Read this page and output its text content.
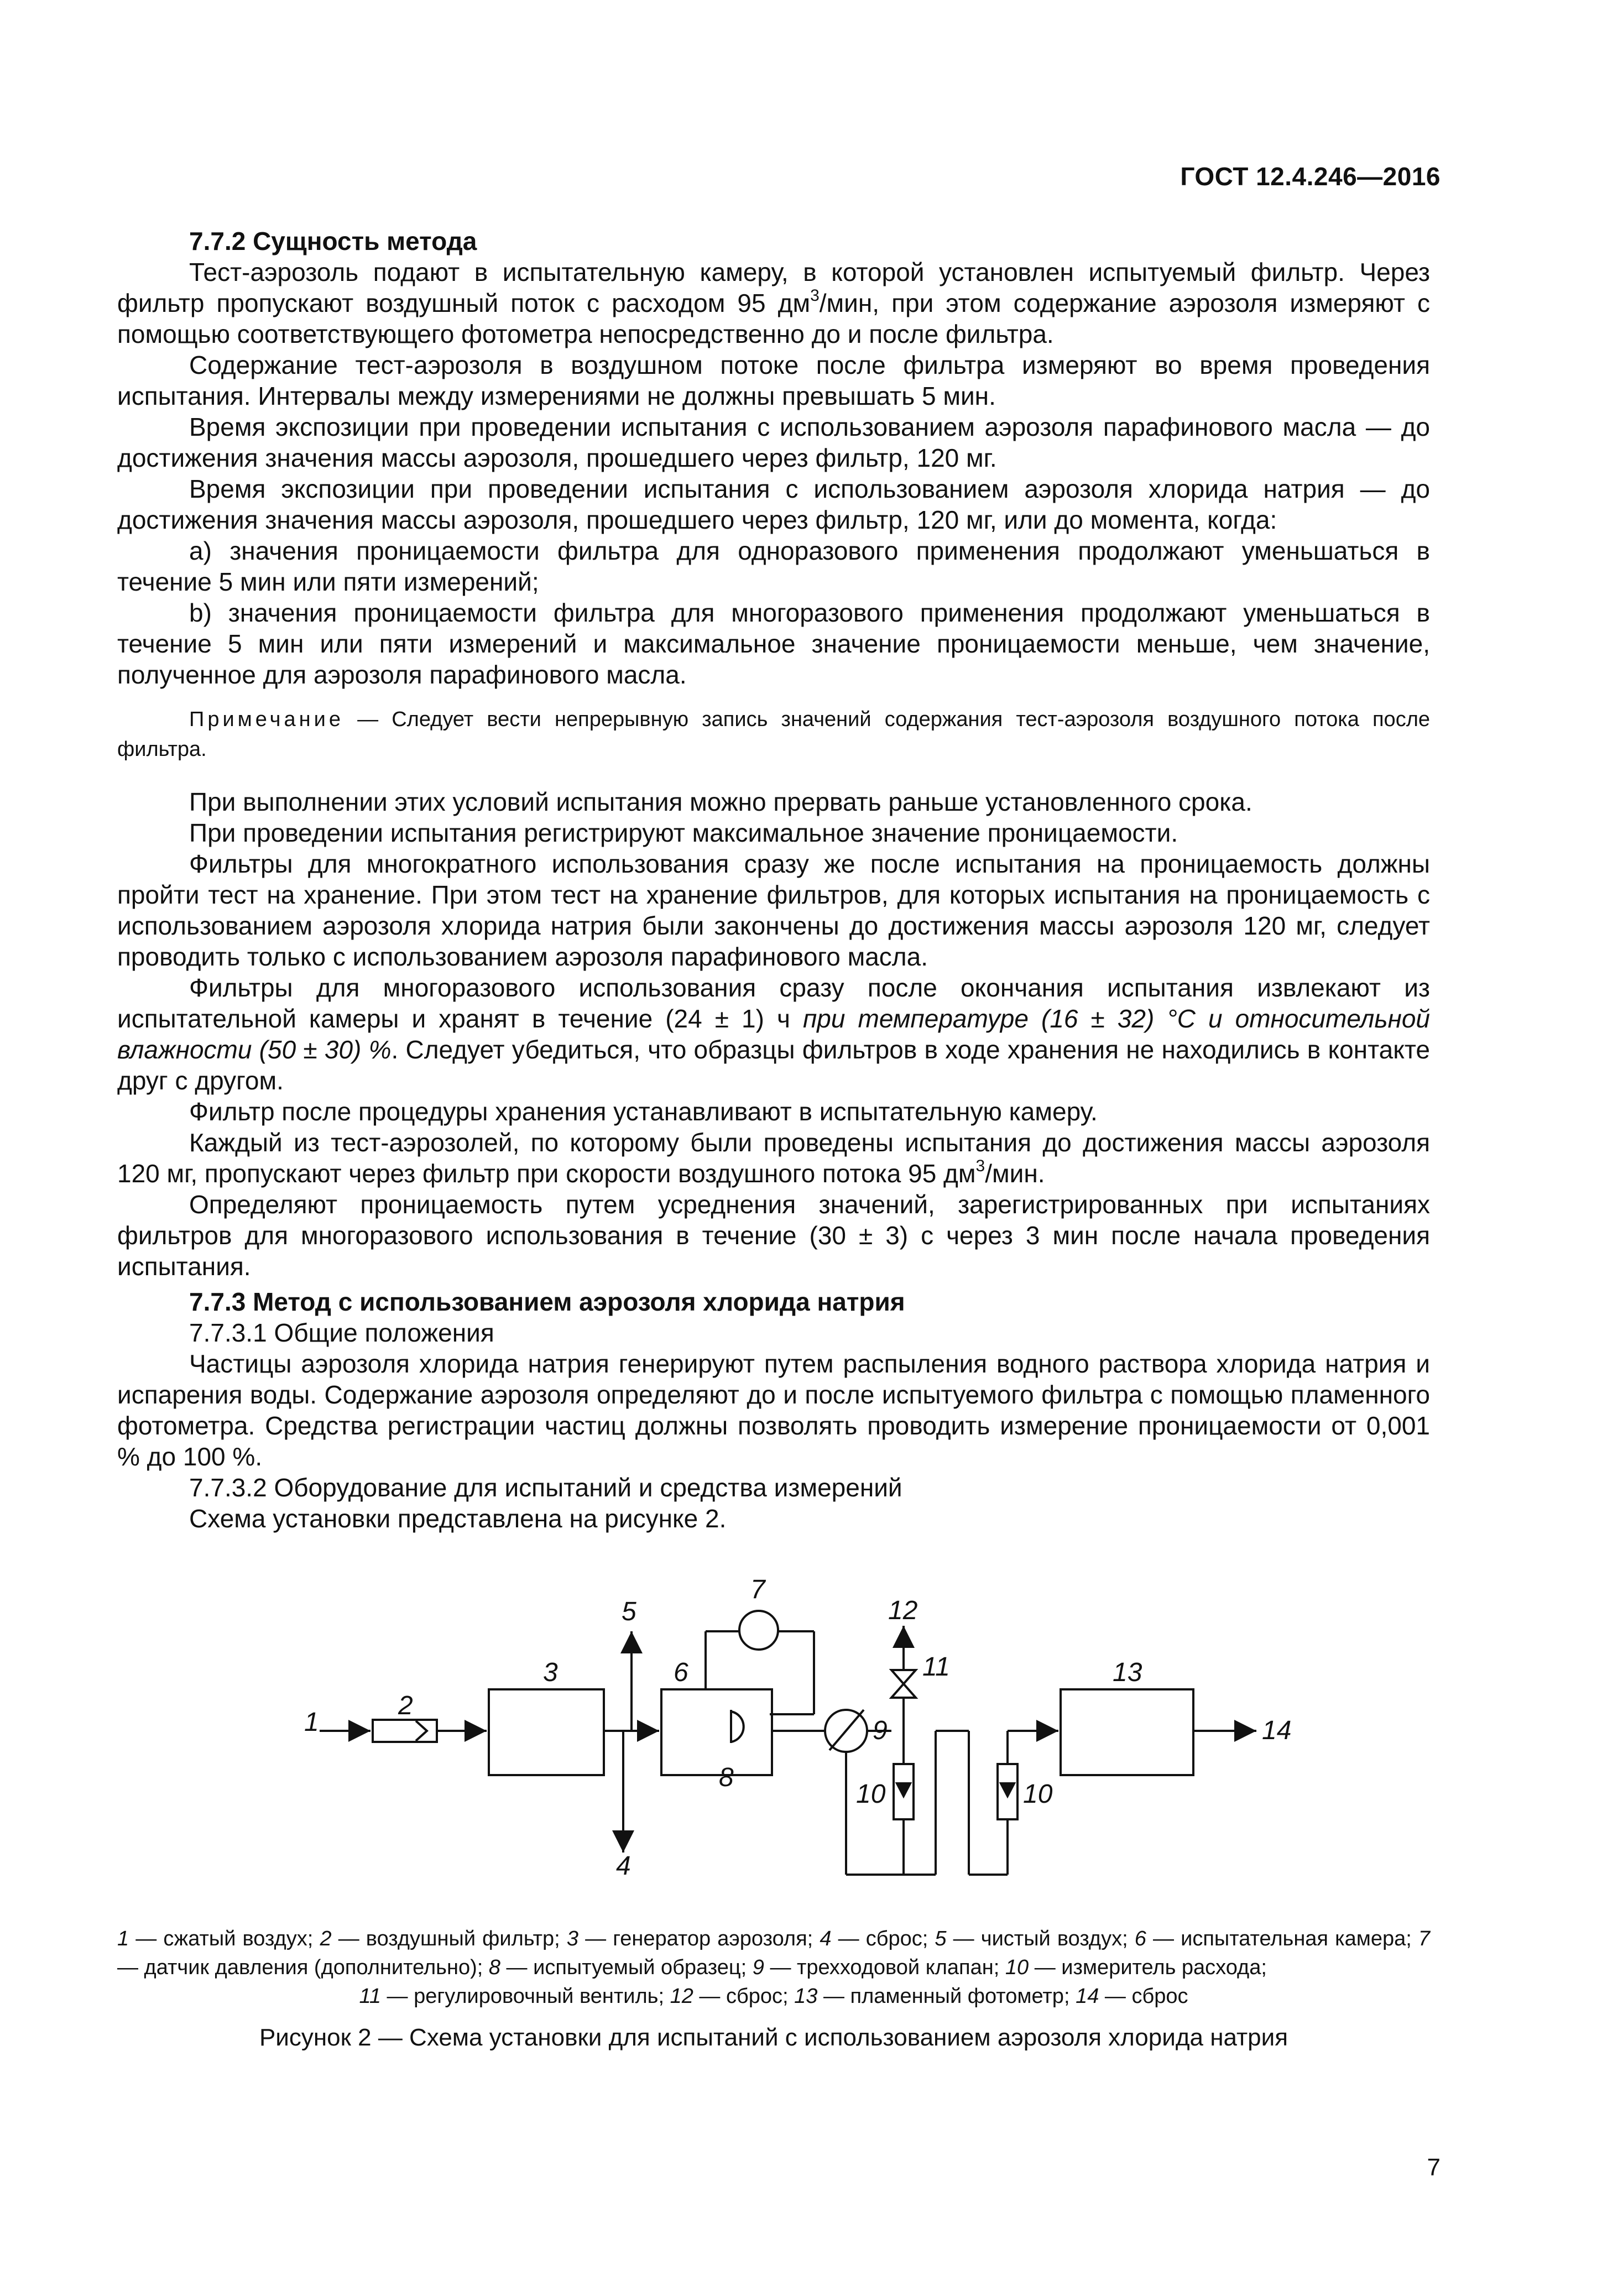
ГОСТ 12.4.246—2016

7.7.2 Сущность метода

Тест-аэрозоль подают в испытательную камеру, в которой установлен испытуемый фильтр. Через фильтр пропускают воздушный поток с расходом 95 $дм^3$/мин, при этом содержание аэрозоля измеряют с помощью соответствующего фотометра непосредственно до и после фильтра.

Содержание тест-аэрозоля в воздушном потоке после фильтра измеряют во время проведения испытания. Интервалы между измерениями не должны превышать 5 мин.

Время экспозиции при проведении испытания с использованием аэрозоля парафинового масла — до достижения значения массы аэрозоля, прошедшего через фильтр, 120 мг.

Время экспозиции при проведении испытания с использованием аэрозоля хлорида натрия — до достижения значения массы аэрозоля, прошедшего через фильтр, 120 мг, или до момента, когда:

a) значения проницаемости фильтра для одноразового применения продолжают уменьшаться в течение 5 мин или пяти измерений;

b) значения проницаемости фильтра для многоразового применения продолжают уменьшаться в течение 5 мин или пяти измерений и максимальное значение проницаемости меньше, чем значение, полученное для аэрозоля парафинового масла.

Примечание — Следует вести непрерывную запись значений содержания тест-аэрозоля воздушного потока после фильтра.

При выполнении этих условий испытания можно прервать раньше установленного срока.

При проведении испытания регистрируют максимальное значение проницаемости.

Фильтры для многократного использования сразу же после испытания на проницаемость должны пройти тест на хранение. При этом тест на хранение фильтров, для которых испытания на проницаемость с использованием аэрозоля хлорида натрия были закончены до достижения массы аэрозоля 120 мг, следует проводить только с использованием аэрозоля парафинового масла.

Фильтры для многоразового использования сразу после окончания испытания извлекают из испытательной камеры и хранят в течение (24 ± 1) ч при температуре (16 ± 32) °С и относительной влажности (50 ± 30) %. Следует убедиться, что образцы фильтров в ходе хранения не находились в контакте друг с другом.

Фильтр после процедуры хранения устанавливают в испытательную камеру.

Каждый из тест-аэрозолей, по которому были проведены испытания до достижения массы аэрозоля 120 мг, пропускают через фильтр при скорости воздушного потока 95 $дм^3$/мин.

Определяют проницаемость путем усреднения значений, зарегистрированных при испытаниях фильтров для многоразового использования в течение (30 ± 3) с через 3 мин после начала проведения испытания.

7.7.3 Метод с использованием аэрозоля хлорида натрия

7.7.3.1 Общие положения

Частицы аэрозоля хлорида натрия генерируют путем распыления водного раствора хлорида натрия и испарения воды. Содержание аэрозоля определяют до и после испытуемого фильтра с помощью пламенного фотометра. Средства регистрации частиц должны позволять проводить измерение проницаемости от 0,001 % до 100 %.

7.7.3.2 Оборудование для испытаний и средства измерений

Схема установки представлена на рисунке 2.

1
2
3
4
5
6
7
8
9
10
11
12
13
10
14
1 — сжатый воздух; 2 — воздушный фильтр; 3 — генератор аэрозоля; 4 — сброс; 5 — чистый воздух; 6 — испытательная камера; 7 — датчик давления (дополнительно); 8 — испытуемый образец; 9 — трехходовой клапан; 10 — измеритель расхода;
11 — регулировочный вентиль; 12 — сброс; 13 — пламенный фотометр; 14 — сброс
Рисунок 2 — Схема установки для испытаний с использованием аэрозоля хлорида натрия
7
